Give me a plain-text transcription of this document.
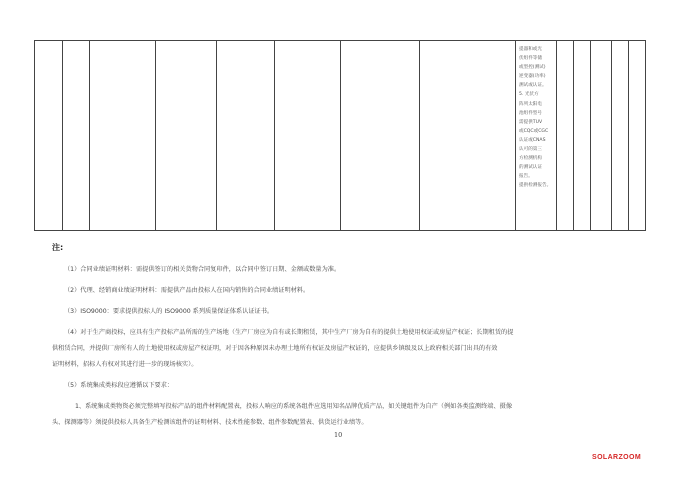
提器和或光

伏组件等储

或型控(测试)

逆变器(功率)

测试或认证。

5. 光伏方

阵列太阳电

池组件型号

需提供TUV

或CQC或CGC

认证或CNAS

认可的第三

方检测机构

的测试认证

报告。

提供检测报告。

注:
（1）合同业绩证明材料：需提供签订的相关货物合同复印件，以合同中签订日期、金额或数量为准。
（2）代理、经销商业绩证明材料：需提供产品由投标人在国内销售的合同业绩证明材料。
（3）ISO9000：要求提供投标人的 ISO9000 系列质量保证体系认证证书。
（4）对于生产商投标，应具有生产投标产品所需的生产场地（生产厂房应为自有或长期租赁，其中生产厂房为自有的提供土地使用权证或房屋产权证；长期租赁的提
供租赁合同，并提供厂房所有人的土地使用权或房屋产权证明，对于因各种原因未办理土地所有权证及房屋产权证的，应提供乡镇级及以上政府相关部门出具的有效
证明材料，招标人有权对其进行进一步的现场核实）。
（5）系统集成类标段应遵循以下要求：
1、系统集成类物资必须完整填写投标产品的组件材料配置表，投标人响应的系统各组件应选用知名品牌优质产品，如关键组件为自产（例如各类监测终端、摄像
头、探测器等）须提供投标人具备生产检测该组件的证明材料、技术性能参数、组件参数配置表、供货运行业绩等。
10
SOLARZOOM
